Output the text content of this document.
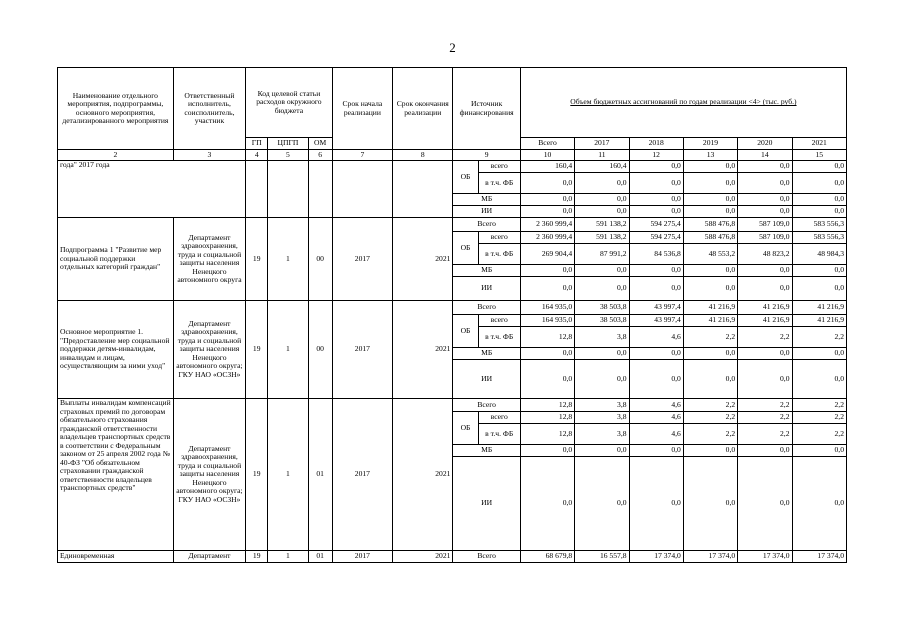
2
Наименование отдельного мероприятия, подпрограммы, основного мероприятия, детализированного мероприятия	Ответственный исполнитель, соисполнитель, участник	Код целевой статьи расходов окружного бюджета			Срок начала реализации	Срок окончания реализации	Источник финансирования		Объем бюджетных ассигнований по годам реализации <4> (тыс. руб.)					
		ГП	ЦПГП	ОМ					Всего	2017	2018	2019	2020	2021
2	3	4	5	6	7	8	9		10	11	12	13	14	15
года" 2017 года							ОБ	всего	160,4	160,4	0,0	0,0	0,0	0,0
								в т.ч. ФБ	0,0	0,0	0,0	0,0	0,0	0,0
							МБ		0,0	0,0	0,0	0,0	0,0	0,0
							ИИ		0,0	0,0	0,0	0,0	0,0	0,0
Подпрограмма 1 "Развитие мер социальной поддержки отдельных категорий граждан"	Департамент здравоохранения, труда и социальной защиты населения Ненецкого автономного округа	19	1	00	2017	2021	Всего		2 360 999,4	591 138,2	594 275,4	588 476,8	587 109,0	583 556,3
							ОБ	всего	2 360 999,4	591 138,2	594 275,4	588 476,8	587 109,0	583 556,3
								в т.ч. ФБ	269 904,4	87 991,2	84 536,8	48 553,2	48 823,2	48 984,3
							МБ		0,0	0,0	0,0	0,0	0,0	0,0
							ИИ		0,0	0,0	0,0	0,0	0,0	0,0
Основное мероприятие 1. "Предоставление мер социальной поддержки детям-инвалидам, инвалидам и лицам, осуществляющим за ними уход"	Департамент здравоохранения, труда и социальной защиты населения Ненецкого автономного округа; ГКУ НАО «ОСЗН»	19	1	00	2017	2021	Всего		164 935,0	38 503,8	43 997,4	41 216,9	41 216,9	41 216,9
							ОБ	всего	164 935,0	38 503,8	43 997,4	41 216,9	41 216,9	41 216,9
								в т.ч. ФБ	12,8	3,8	4,6	2,2	2,2	2,2
							МБ		0,0	0,0	0,0	0,0	0,0	0,0
							ИИ		0,0	0,0	0,0	0,0	0,0	0,0
Выплаты инвалидам компенсаций страховых премий по договорам обязательного страхования гражданской ответственности владельцев транспортных средств в соответствии с Федеральным законом от 25 апреля 2002 года № 40-ФЗ "Об обязательном страховании гражданской ответственности владельцев транспортных средств"	Департамент здравоохранения, труда и социальной защиты населения Ненецкого автономного округа; ГКУ НАО «ОСЗН»	19	1	01	2017	2021	Всего		12,8	3,8	4,6	2,2	2,2	2,2
							ОБ	всего	12,8	3,8	4,6	2,2	2,2	2,2
								в т.ч. ФБ	12,8	3,8	4,6	2,2	2,2	2,2
							МБ		0,0	0,0	0,0	0,0	0,0	0,0
							ИИ		0,0	0,0	0,0	0,0	0,0	0,0
Единовременная	Департамент	19	1	01	2017	2021	Всего		68 679,8	16 557,8	17 374,0	17 374,0	17 374,0	17 374,0
